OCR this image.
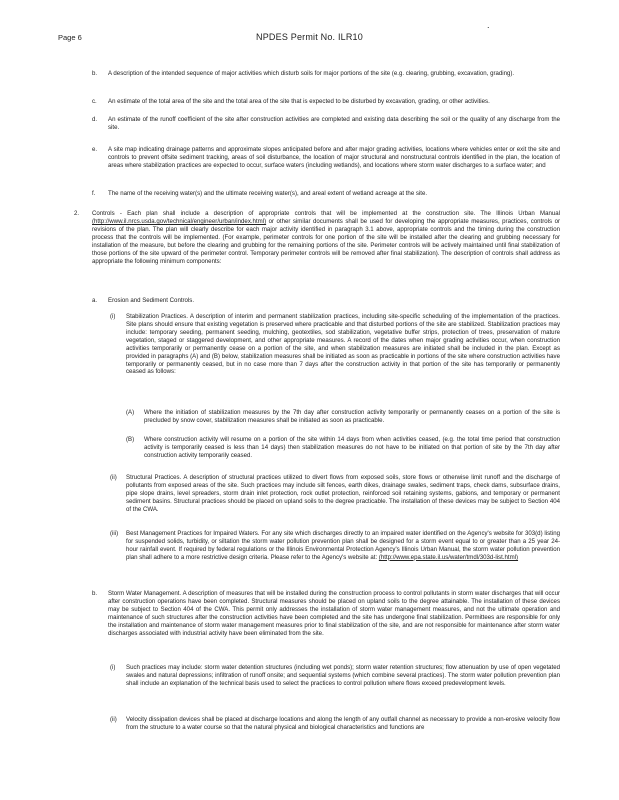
.
Page 6	NPDES Permit No. ILR10
b. A description of the intended sequence of major activities which disturb soils for major portions of the site (e.g. clearing, grubbing, excavation, grading).
c. An estimate of the total area of the site and the total area of the site that is expected to be disturbed by excavation, grading, or other activities.
d. An estimate of the runoff coefficient of the site after construction activities are completed and existing data describing the soil or the quality of any discharge from the site.
e. A site map indicating drainage patterns and approximate slopes anticipated before and after major grading activities, locations where vehicles enter or exit the site and controls to prevent offsite sediment tracking, areas of soil disturbance, the location of major structural and nonstructural controls identified in the plan, the location of areas where stabilization practices are expected to occur, surface waters (including wetlands), and locations where storm water discharges to a surface water; and
f. The name of the receiving water(s) and the ultimate receiving water(s), and areal extent of wetland acreage at the site.
2. Controls - Each plan shall include a description of appropriate controls that will be implemented at the construction site. The Illinois Urban Manual (http://www.il.nrcs.usda.gov/technical/engineer/urban/index.html) or other similar documents shall be used for developing the appropriate measures, practices, controls or revisions of the plan. The plan will clearly describe for each major activity identified in paragraph 3.1 above, appropriate controls and the timing during the construction process that the controls will be implemented. (For example, perimeter controls for one portion of the site will be installed after the clearing and grubbing necessary for installation of the measure, but before the clearing and grubbing for the remaining portions of the site. Perimeter controls will be actively maintained until final stabilization of those portions of the site upward of the perimeter control. Temporary perimeter controls will be removed after final stabilization). The description of controls shall address as appropriate the following minimum components:
a. Erosion and Sediment Controls.
(i) Stabilization Practices. A description of interim and permanent stabilization practices, including site-specific scheduling of the implementation of the practices. Site plans should ensure that existing vegetation is preserved where practicable and that disturbed portions of the site are stabilized. Stabilization practices may include: temporary seeding, permanent seeding, mulching, geotextiles, sod stabilization, vegetative buffer strips, protection of trees, preservation of mature vegetation, staged or staggered development, and other appropriate measures. A record of the dates when major grading activities occur, when construction activities temporarily or permanently cease on a portion of the site, and when stabilization measures are initiated shall be included in the plan. Except as provided in paragraphs (A) and (B) below, stabilization measures shall be initiated as soon as practicable in portions of the site where construction activities have temporarily or permanently ceased, but in no case more than 7 days after the construction activity in that portion of the site has temporarily or permanently ceased as follows:
(A) Where the initiation of stabilization measures by the 7th day after construction activity temporarily or permanently ceases on a portion of the site is precluded by snow cover, stabilization measures shall be initiated as soon as practicable.
(B) Where construction activity will resume on a portion of the site within 14 days from when activities ceased, (e.g. the total time period that construction activity is temporarily ceased is less than 14 days) then stabilization measures do not have to be initiated on that portion of site by the 7th day after construction activity temporarily ceased.
(ii) Structural Practices. A description of structural practices utilized to divert flows from exposed soils, store flows or otherwise limit runoff and the discharge of pollutants from exposed areas of the site. Such practices may include silt fences, earth dikes, drainage swales, sediment traps, check dams, subsurface drains, pipe slope drains, level spreaders, storm drain inlet protection, rock outlet protection, reinforced soil retaining systems, gabions, and temporary or permanent sediment basins. Structural practices should be placed on upland soils to the degree practicable. The installation of these devices may be subject to Section 404 of the CWA.
(iii) Best Management Practices for Impaired Waters. For any site which discharges directly to an impaired water identified on the Agency's website for 303(d) listing for suspended solids, turbidity, or siltation the storm water pollution prevention plan shall be designed for a storm event equal to or greater than a 25 year 24-hour rainfall event. If required by federal regulations or the Illinois Environmental Protection Agency's Illinois Urban Manual, the storm water pollution prevention plan shall adhere to a more restrictive design criteria. Please refer to the Agency's website at: (http://www.epa.state.il.us/water/tmdl/303d-list.html)
b. Storm Water Management. A description of measures that will be installed during the construction process to control pollutants in storm water discharges that will occur after construction operations have been completed. Structural measures should be placed on upland soils to the degree attainable. The installation of these devices may be subject to Section 404 of the CWA. This permit only addresses the installation of storm water management measures, and not the ultimate operation and maintenance of such structures after the construction activities have been completed and the site has undergone final stabilization. Permittees are responsible for only the installation and maintenance of storm water management measures prior to final stabilization of the site, and are not responsible for maintenance after storm water discharges associated with industrial activity have been eliminated from the site.
(i) Such practices may include: storm water detention structures (including wet ponds); storm water retention structures; flow attenuation by use of open vegetated swales and natural depressions; infiltration of runoff onsite; and sequential systems (which combine several practices). The storm water pollution prevention plan shall include an explanation of the technical basis used to select the practices to control pollution where flows exceed predevelopment levels.
(ii) Velocity dissipation devices shall be placed at discharge locations and along the length of any outfall channel as necessary to provide a non-erosive velocity flow from the structure to a water course so that the natural physical and biological characteristics and functions are
